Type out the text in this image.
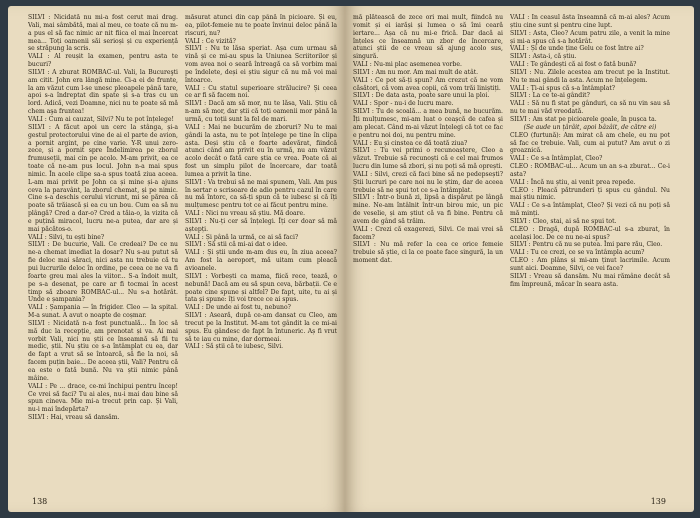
SILVI : Nicidată nu mi-a fost cerut mai drag. Vali, mai sâmbătă, mai al meu, ce toate că nu m-a pus el să fac nimic ar nit fiica el mai încercat mea... Toți oamenii săi serioși și cu experiență se străpung la scris.

VALI : Al reușit la examen, pentru asta te bucuri?

SILVI : A zburat ROMBAC-ul. Vali, la Bucureşti am citit. John era lângă mine. Ci-a ei de frunte, la am văzut cum l-se unesc pleoapele până tare, apoi s-a îndreptat din spate și s-a tras cu un lord. Adică, vezi Doamne, nici nu te poate să mă chem aşa fruntea!

VALI : Cum ai cauzat, Silvi? Nu te pot înțelege!

SILVI : A făcut apoi un cerc la stânga, și-a gestul protectorului vine de ai el parte de avion, a pornit argint, pe cine varie. Y-R unui zero-zece, și a pornit spre Îndelimirea pe zborul frumuseții, mai cin pe acolo. M-am privit, ea ce toate că ne-am pus locul. John n-a mai spus nimic. În acele clipe sa-a spus toată ziua aceea. L-am mai privit pe John ca și mine și-a ajuns ceva la paravânt, la zborul chemat, și pe nimic. Cine s-a deschis cerului vicrunt, mi se părea că poate să trăiască și ea cu un bou. Cum ea să nu plângă? Cred a dar-o? Cred a tăia-o, la vizita că e puțină miracol, lucru ne-a putea, dar are și mai păcătos-o.

VALI : Silvi, tu ești bine?

SILVI : De bucurie, Vali. Ce credeai? De ce nu ne-a chemat imediat la dosar? Nu s-au putut să fie deloc mai săraci, nici asta nu trebuie că tu pui lucrurile deloc în ordine, pe ceea ce ne va fi foarte greu mai ales la viitor... S-a îndoit mult, pe s-a desenat, pe care ar fi tocmai în acest timp să zboare ROMBAC-ul... Nu s-a hotărât. Unde e șampania?

VALI : Șampania — în frigider. Cleo — la spital. M-a sunat. A avut o noapte de coșmar.

SILVI : Nicidată n-a fost punctuală... În loc să mă duc la recepție, am prenotat și va. Ai mai vorbit Vali, nici nu știi ce înseamnă să fii tu medic, știi. Nu știu ce s-a întâmplat cu ea, dar de fapt a vrut să se întoarcă, să fie la noi, să facem puțin baie... De aceea știi, Vali? Pentru că ea este o fată bună. Nu va știi nimic până mâine.

VALI : Pe ... drace, ce-mi închipui pentru încep! Ce vrei să faci? Tu ai ales, nu-i mai dau bine să spun cineva. Mie mi-a trecut prin cap. Și Vali, nu-i mai îndepărta?

SILVI : Hai, vreau să dansăm.

măsurat atunci din cap până în picioare. Și eu, ea, pilot-femeie nu te poate învinui deloc până la riscuri, nu?

VALI : Ce vizită?

SILVI : Nu te lăsa speriat. Așa cum urmau să vină și ce mi-au spus la Uniunea Scriitorilor și vom avea noi o seară întreagă ca să vorbim mai pe îndelete, deși ei știu sigur că nu mă voi mai întoarce.

VALI : Cu statul superioare strălucire? Și ceea ce ar fi să facem noi.

SILVI : Dacă am să mor, nu te lăsa, Vali. Știu că n-am să mor, dar știi că toți oamenii mor până la urmă, cu toții sunt la fel de mari.

VALI : Mai ne bucurăm de zboruri? Nu te mai gândi la asta, nu te pot înțelege pe tine în clipa asta. Deși știu că e foarte adevărat, fiindcă atunci când am privit eu în urmă, nu am văzut acolo decât o fată care știa ce vrea. Poate că ai fost un simplu pilot de încercare, dar toată lumea a privit la tine.

SILVI : Va trebui să ne mai spunem, Vali. Am pus în sertar o scrisoare de adio pentru cazul în care nu mă întorc, ca să-ți spun că te iubesc și că îți mulțumesc pentru tot ce ai făcut pentru mine.

VALI : Nici nu vreau să știu. Mă doare.

SILVI : Nu-ți cer să înțelegi. Îți cer doar să mă aștepți.

VALI : Și până la urmă, ce ai să faci?

SILVI : Să stii că mi-ai dat o idee.

VALI : Și știi unde m-am dus eu, în ziua aceea? Am fost la aeroport, mă uitam cum pleacă avioanele.

SILVI : Vorbești ca mama, fiică rece, tează, o nebună! Dacă am eu să spun ceva, bărbații. Ce e poate cine spune și altfel? De fapt, uite, tu ai și tata și spune: îți voi trece ce ai spus.

VALI : De unde ai fost tu, nebuno?

SILVI : Aseară, după ce-am dansat cu Cleo, am trecut pe la Institut. M-am tot gândit la ce mi-ai spus. Eu gândesc de fapt în întuneric. Aș fi vrut să te iau cu mine, dar dormeai.

VALI : Să știi că te iubesc, Silvi.

138

mă plătească de zece ori mai mult, fiindcă nu vomit și ei iarăși și lumea o să îmi ceară iertare... Așa că nu mi-e frică. Dar dacă ai înțeles ce înseamnă un zbor de încercare, atunci știi de ce vreau să ajung acolo sus, singură.

VALI : Nu-mi plac asemenea vorbe.

SILVI : Am nu mor. Am mai mult de atât.

VALI : Ce pot să-ți spun? Am crezut că ne vom căsători, că vom avea copii, că vom trăi liniștiți.

SILVI : De data asta, poate sare unui la ploi.

VALI : Spor - nu-i de lucru mare.

SILVI : Tu de scoală... a mea bună, ne bucurăm. Îți mulțumesc, mi-am luat o ceașcă de cafea și am plecat. Când m-ai văzut înțelegi că tot ce fac e pentru noi doi, nu pentru mine.

VALI : Eu și cinstea ce dă toată ziua?

SILVI : Tu vei primi o recunoaștere, Cleo a văzut. Trebuie să recunoști că e cel mai frumos lucru din lume să zbori, și nu poți să mă oprești.

VALI : Silvi, crezi că faci bine să ne pedepsești? Știi lucruri pe care noi nu le știm, dar de aceea trebuie să ne spui tot ce s-a întâmplat.

SILVI : Într-o bună zi, lipsă a dispărut pe lângă mine. Ne-am întâlnit într-un birou mic, un pic de veselie, și am știut că va fi bine. Pentru că avem de gând să trăim.

VALI : Crezi că exagerezi, Silvi. Ce mai vrei să facem?

SILVI : Nu mă refer la cea ce orice femeie trebuie să știe, ci la ce poate face singură, la un moment dat.

VALI : În ceasul ăsta înseamnă că m-ai ales? Acum știu cine sunt și pentru cine lupt.

SILVI : Asta, Cleo? Acum patru zile, a venit la mine și mi-a spus că s-a hotărât.

VALI : Și de unde ține Gelu ce fost între ai?

SILVI : Asta-i, că știu.

VALI : Te gândești că ai fost o fată bună?

SILVI : Nu. Zilele acestea am trecut pe la Institut. Nu te mai gândi la asta. Acum ne înțelegem.

VALI : Ți-ai spus că s-a întâmplat?

SILVI : La ce te-ai gândit?

VALI : Să nu fi stat pe gânduri, ca să nu vin sau să nu te mai văd vreodată.

SILVI : Am stat pe picioarele goale, în pușca ta.

(Se aude un țârâit, apoi bâzâit, de către ei)

CLEO (furtună): Am mirat că am chele, eu nu pot să fac ce trebuie. Vali, cum ai putut? Am avut o zi groaznică.

VALI : Ce s-a întâmplat, Cleo?

CLEO : ROMBAC-ul... Acum un an s-a zburat... Ce-i asta?

VALI : Încă nu știu, ai venit prea repede.

CLEO : Pleacă pătrunderi ți spus cu gândul. Nu mai știu nimic.

VALI : Ce s-a întâmplat, Cleo? Și vezi că nu poți să mă minți.

SILVI : Cleo, stai, ai să ne spui tot.

CLEO : Dragă, după ROMBAC-ul s-a zburat, în același loc. De ce nu ne-ai spus?

SILVI : Pentru că nu se putea. Îmi pare rău, Cleo.

VALI : Tu ce crezi, ce se va întâmpla acum?

CLEO : Am plâns și mi-am ținut lacrimile. Acum sunt aici. Doamne, Silvi, ce vei face?

SILVI : Vreau să dansăm. Nu mai rămâne decât să fim împreună, măcar în seara asta.

139
